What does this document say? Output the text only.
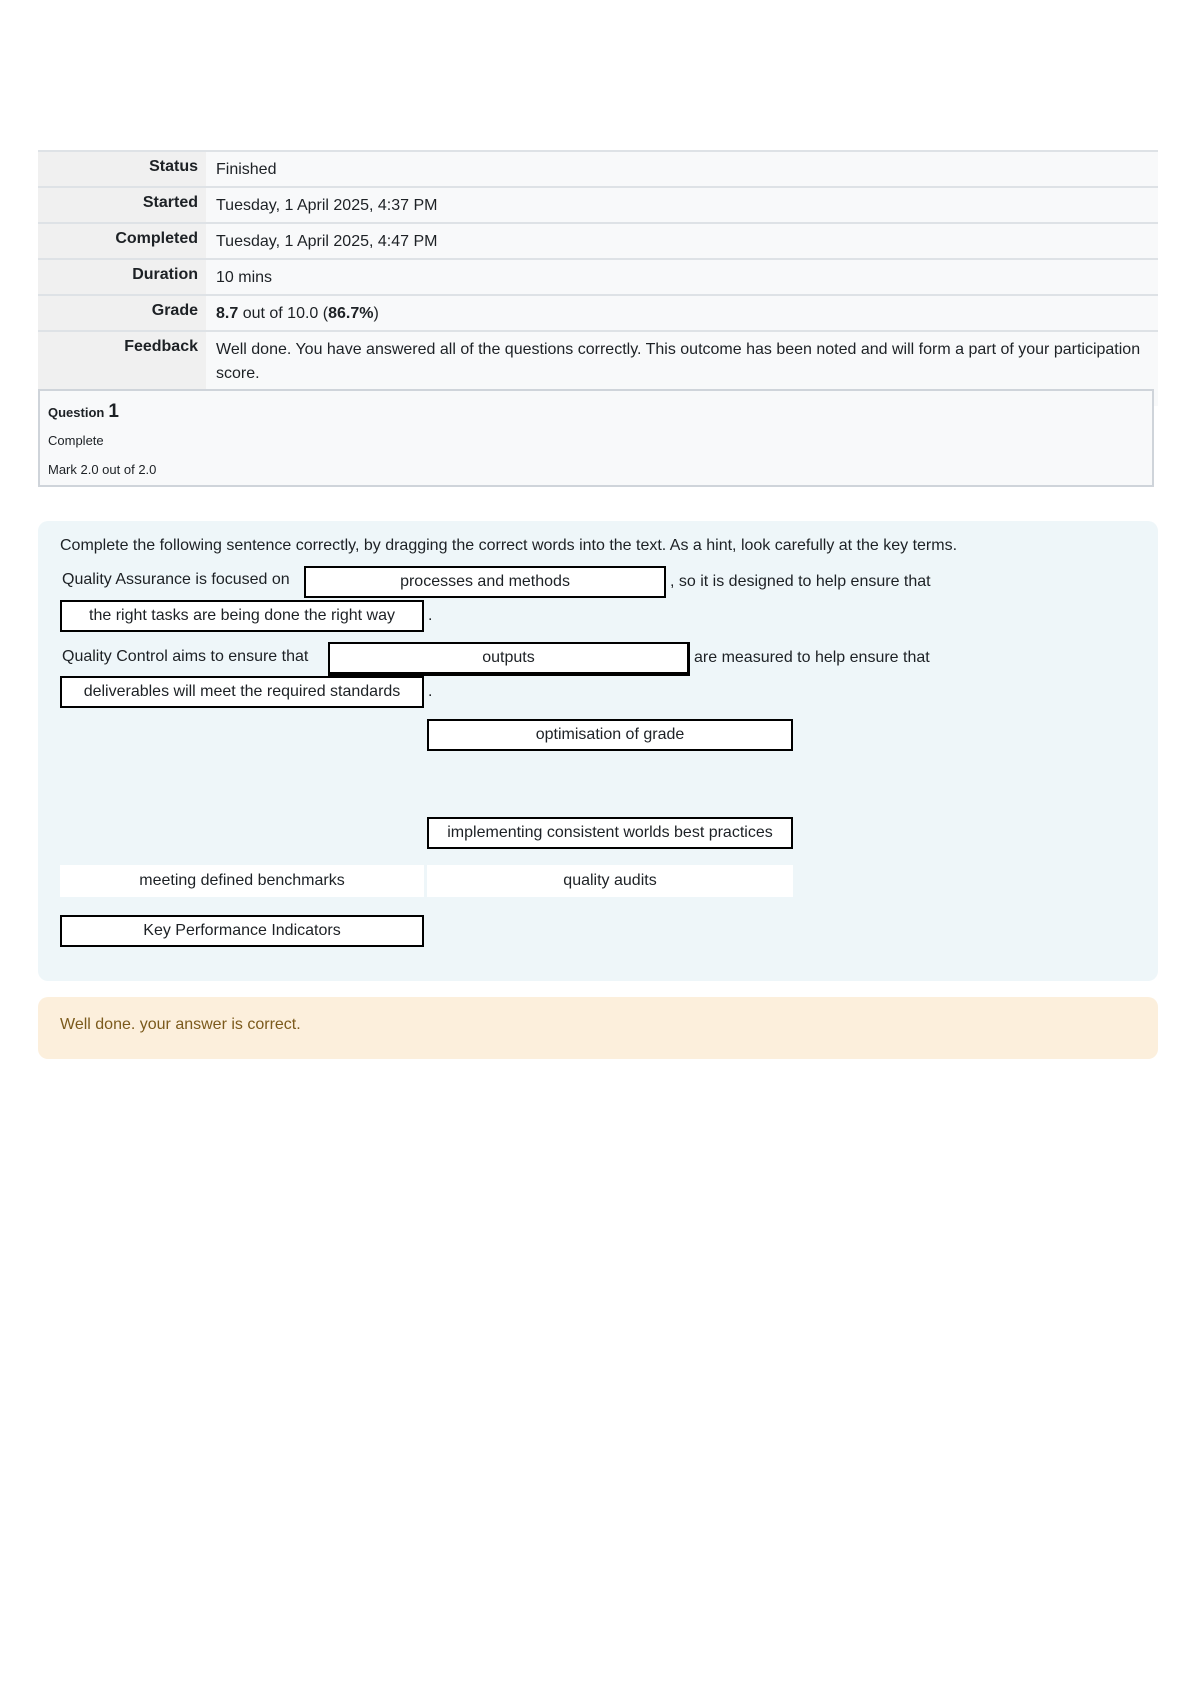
Status	Finished
Started	Tuesday, 1 April 2025, 4:37 PM
Completed	Tuesday, 1 April 2025, 4:47 PM
Duration	10 mins
Grade	8.7 out of 10.0 (86.7%)
Feedback	Well done. You have answered all of the questions correctly. This outcome has been noted and will form a part of your participation score.
Question 1
Complete
Mark 2.0 out of 2.0
Complete the following sentence correctly, by dragging the correct words into the text. As a hint, look carefully at the key terms.
Quality Assurance is focused on	processes and methods	, so it is designed to help ensure that
the right tasks are being done the right way	.
Quality Control aims to ensure that	outputs	are measured to help ensure that
deliverables will meet the required standards	.
optimisation of grade
implementing consistent worlds best practices
meeting defined benchmarks	quality audits
Key Performance Indicators
Well done. your answer is correct.
